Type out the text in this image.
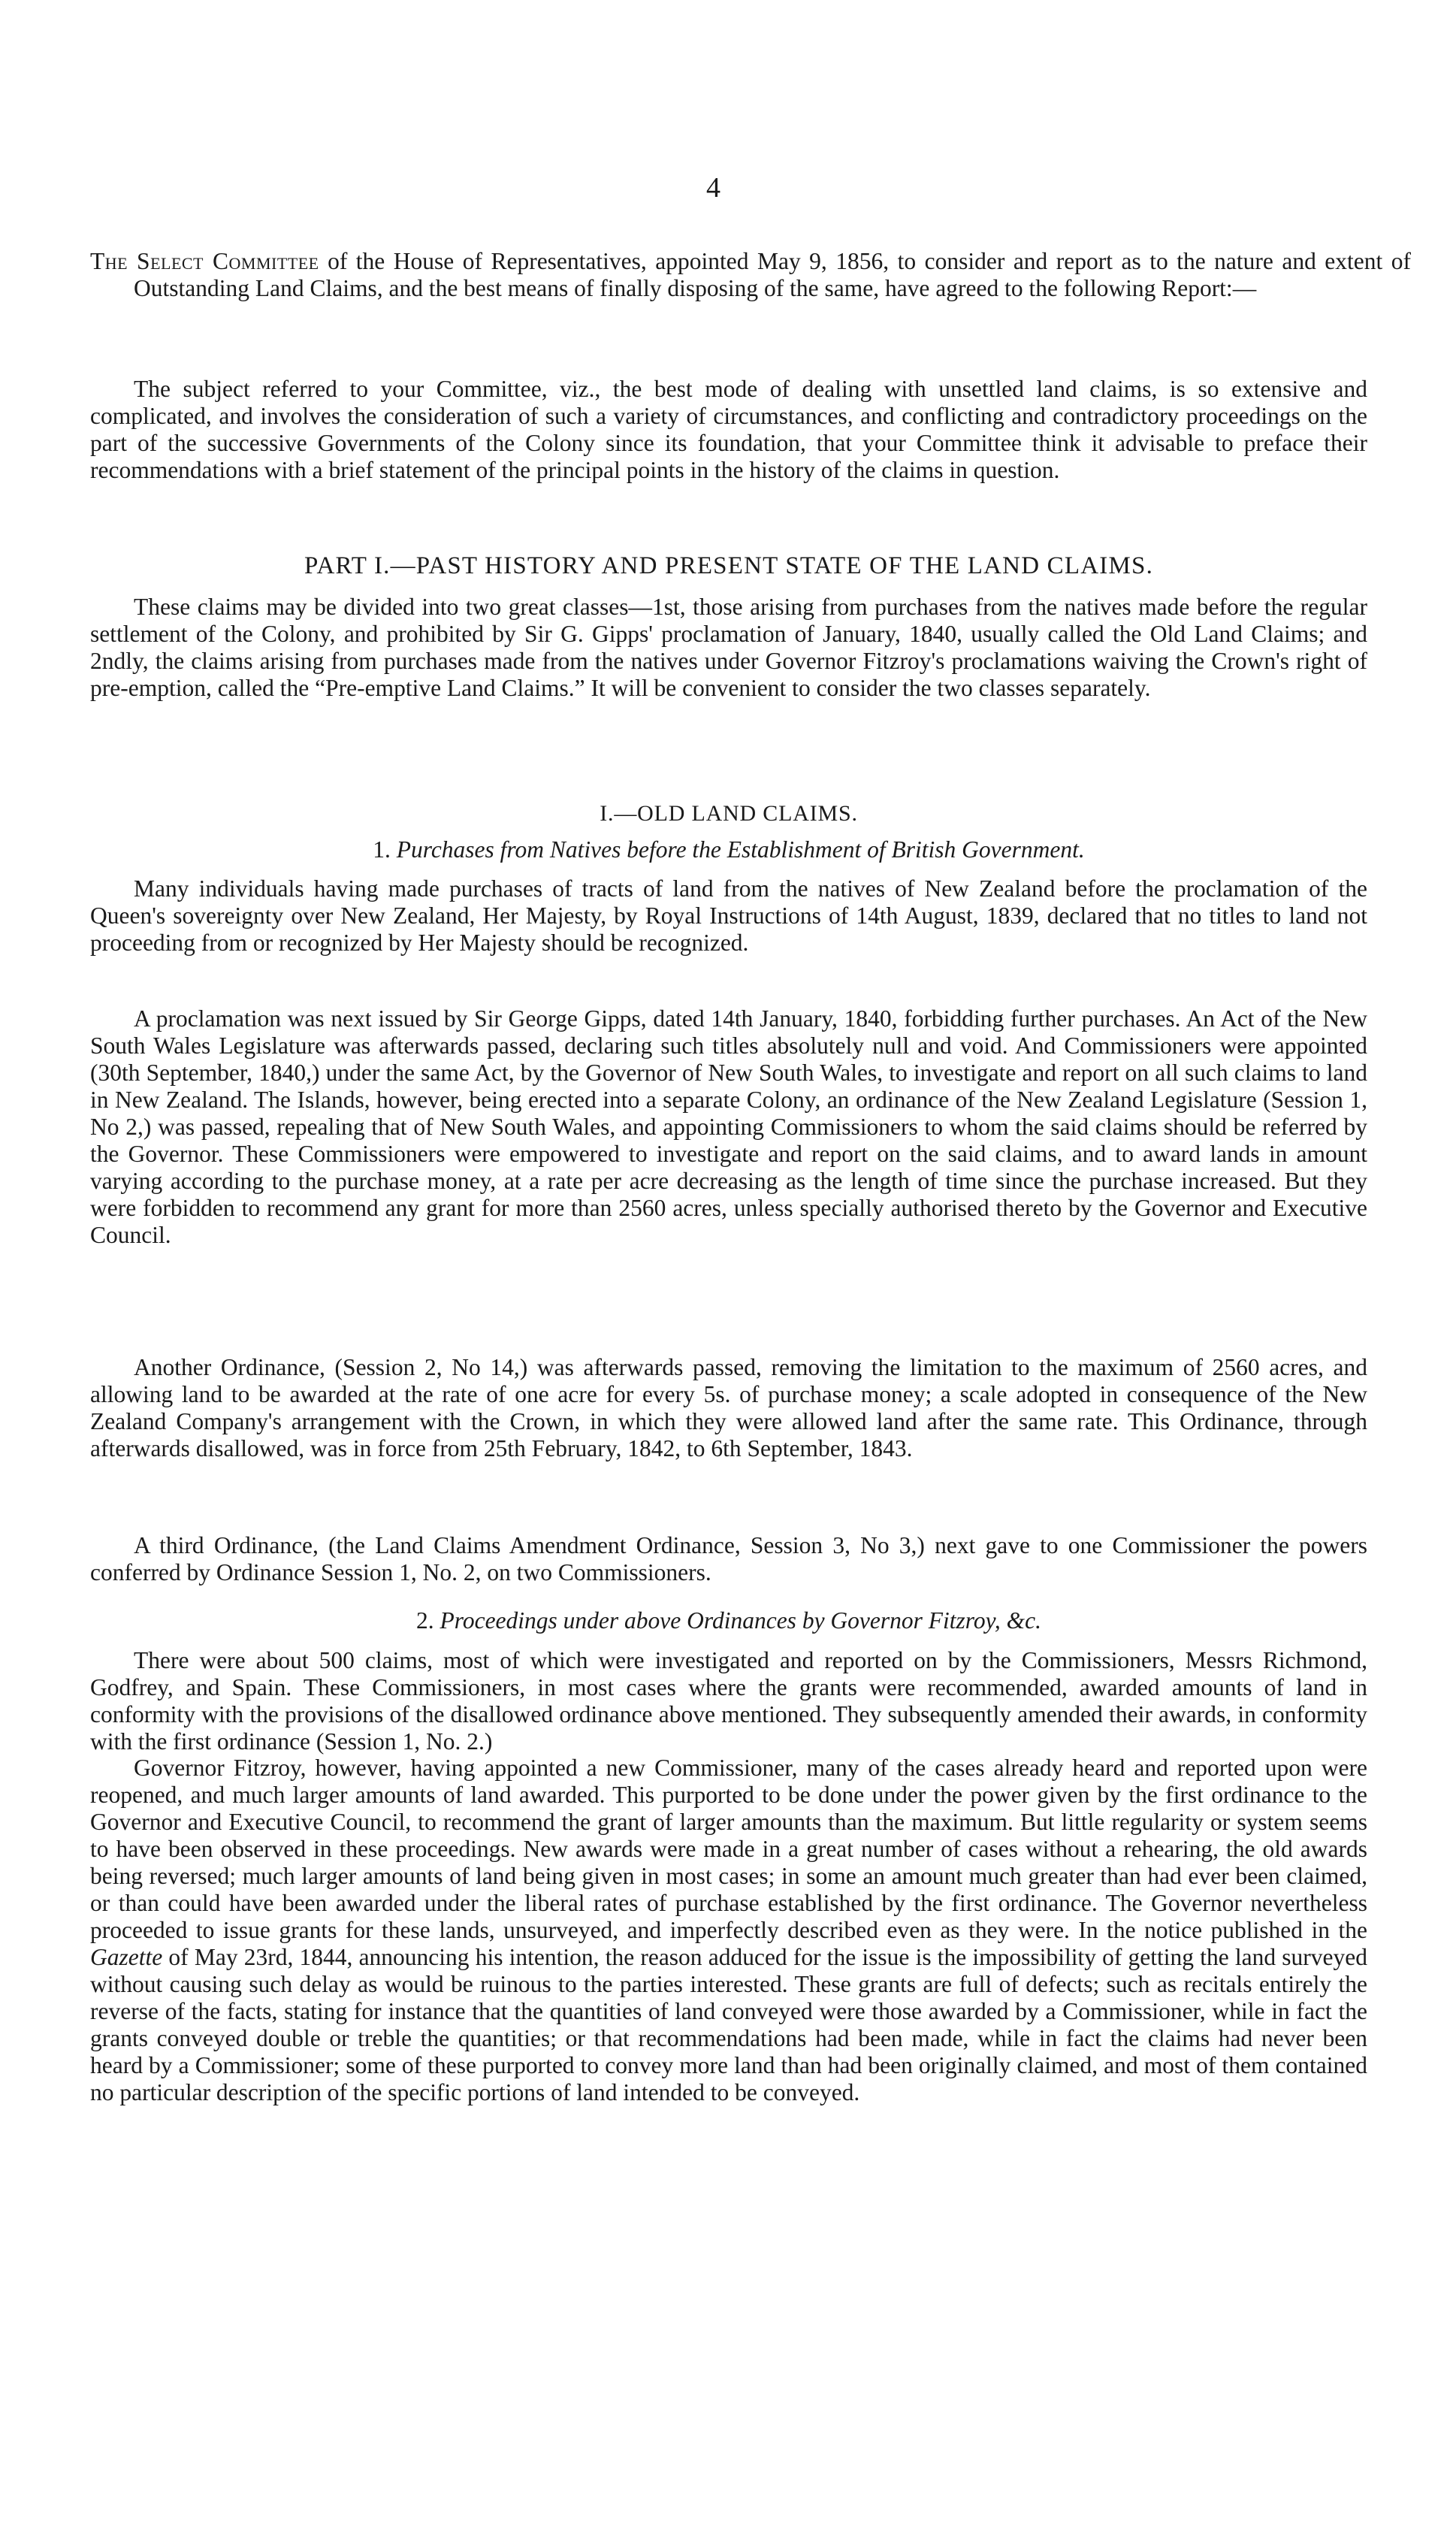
4

The Select Committee of the House of Representatives, appointed May 9, 1856, to consider and report as to the nature and extent of Outstanding Land Claims, and the best means of finally disposing of the same, have agreed to the following Report:—

The subject referred to your Committee, viz., the best mode of dealing with unsettled land claims, is so extensive and complicated, and involves the consideration of such a variety of circumstances, and conflicting and contradictory proceedings on the part of the successive Governments of the Colony since its foundation, that your Committee think it advisable to preface their recommendations with a brief statement of the principal points in the history of the claims in question.

PART I.—PAST HISTORY AND PRESENT STATE OF THE LAND CLAIMS.

These claims may be divided into two great classes—1st, those arising from purchases from the natives made before the regular settlement of the Colony, and prohibited by Sir G. Gipps' proclamation of January, 1840, usually called the Old Land Claims; and 2ndly, the claims arising from purchases made from the natives under Governor Fitzroy's proclamations waiving the Crown's right of pre-emption, called the “Pre-emptive Land Claims.” It will be convenient to consider the two classes separately.

I.—OLD LAND CLAIMS.
1. Purchases from Natives before the Establishment of British Government.

Many individuals having made purchases of tracts of land from the natives of New Zealand before the proclamation of the Queen's sovereignty over New Zealand, Her Majesty, by Royal Instructions of 14th August, 1839, declared that no titles to land not proceeding from or recognized by Her Majesty should be recognized.

A proclamation was next issued by Sir George Gipps, dated 14th January, 1840, forbidding further purchases. An Act of the New South Wales Legislature was afterwards passed, declaring such titles absolutely null and void. And Commissioners were appointed (30th September, 1840,) under the same Act, by the Governor of New South Wales, to investigate and report on all such claims to land in New Zealand. The Islands, however, being erected into a separate Colony, an ordinance of the New Zealand Legislature (Session 1, No 2,) was passed, repealing that of New South Wales, and appointing Commissioners to whom the said claims should be referred by the Governor. These Commissioners were empowered to investigate and report on the said claims, and to award lands in amount varying according to the purchase money, at a rate per acre decreasing as the length of time since the purchase increased. But they were forbidden to recommend any grant for more than 2560 acres, unless specially authorised thereto by the Governor and Executive Council.

Another Ordinance, (Session 2, No 14,) was afterwards passed, removing the limitation to the maximum of 2560 acres, and allowing land to be awarded at the rate of one acre for every 5s. of purchase money; a scale adopted in consequence of the New Zealand Company's arrangement with the Crown, in which they were allowed land after the same rate. This Ordinance, through afterwards disallowed, was in force from 25th February, 1842, to 6th September, 1843.

A third Ordinance, (the Land Claims Amendment Ordinance, Session 3, No 3,) next gave to one Commissioner the powers conferred by Ordinance Session 1, No. 2, on two Commissioners.

2. Proceedings under above Ordinances by Governor Fitzroy, &c.

There were about 500 claims, most of which were investigated and reported on by the Commissioners, Messrs Richmond, Godfrey, and Spain. These Commissioners, in most cases where the grants were recommended, awarded amounts of land in conformity with the provisions of the disallowed ordinance above mentioned. They subsequently amended their awards, in conformity with the first ordinance (Session 1, No. 2.)

Governor Fitzroy, however, having appointed a new Commissioner, many of the cases already heard and reported upon were reopened, and much larger amounts of land awarded. This purported to be done under the power given by the first ordinance to the Governor and Executive Council, to recommend the grant of larger amounts than the maximum. But little regularity or system seems to have been observed in these proceedings. New awards were made in a great number of cases without a rehearing, the old awards being reversed; much larger amounts of land being given in most cases; in some an amount much greater than had ever been claimed, or than could have been awarded under the liberal rates of purchase established by the first ordinance. The Governor nevertheless proceeded to issue grants for these lands, unsurveyed, and imperfectly described even as they were. In the notice published in the Gazette of May 23rd, 1844, announcing his intention, the reason adduced for the issue is the impossibility of getting the land surveyed without causing such delay as would be ruinous to the parties interested. These grants are full of defects; such as recitals entirely the reverse of the facts, stating for instance that the quantities of land conveyed were those awarded by a Commissioner, while in fact the grants conveyed double or treble the quantities; or that recommendations had been made, while in fact the claims had never been heard by a Commissioner; some of these purported to convey more land than had been originally claimed, and most of them contained no particular description of the specific portions of land intended to be conveyed.
